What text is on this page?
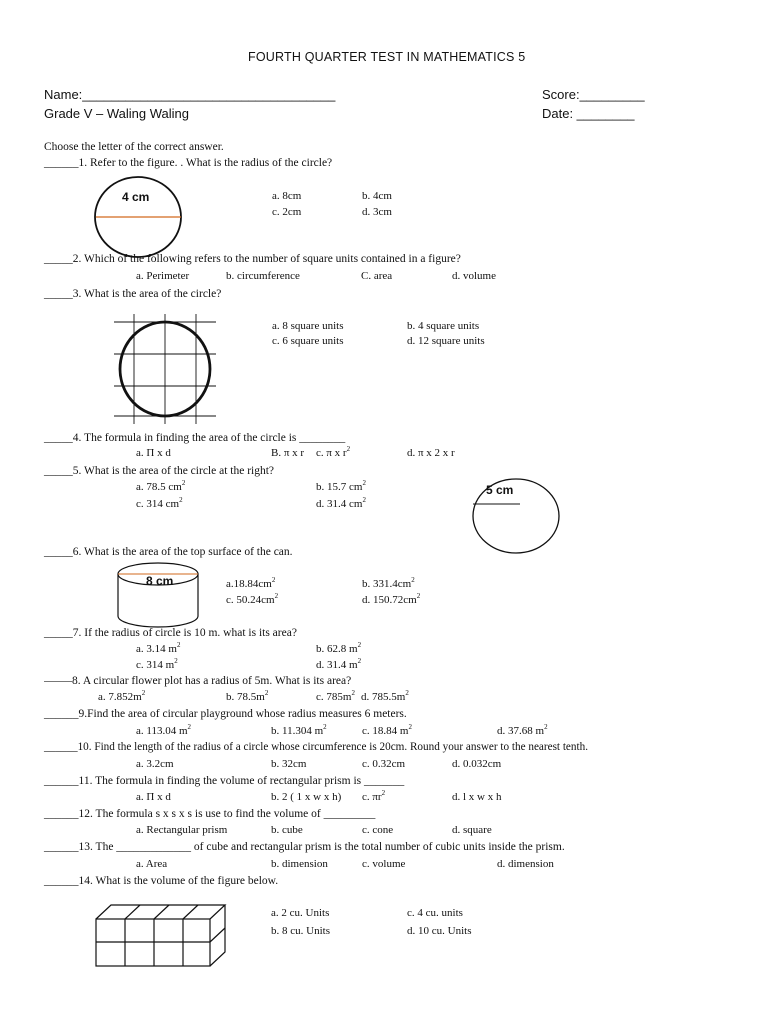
FOURTH QUARTER TEST IN MATHEMATICS 5
Name:___________________________________
Grade V – Waling Waling
Score:_________
Date: ________
Choose the letter of the correct answer.
______1. Refer to the figure. . What is the radius of the circle?
4 cm	a. 8cm	b. 4cm
c. 2cm	d. 3cm
_____2. Which of the following refers to the number of square units contained in a figure?
a. Perimeter	b. circumference	C. area	d. volume
_____3. What is the area of the circle?
a. 8 square units	b. 4 square units
c. 6 square units	d. 12 square units
_____4. The formula in finding the area of the circle is ________
a. Π x d	B. π x r c. π x $r^2$	d. π x 2 x r
_____5. What is the area of the circle at the right?
a. 78.5 $cm^2$	b. 15.7 $cm^2$
c. 314 $cm^2$	d. 31.4 $cm^2$
5 cm
_____6. What is the area of the top surface of the can.
8 cm	$a.18.84cm^2$	b. $331.4cm^2$
c. $50.24cm^2$	d. $150.72cm^2$
_____7. If the radius of circle is 10 m. what is its area?
a. 3.14 $m^2$	b. 62.8 $m^2$
c. 314 $m^2$	d. 31.4 $m^2$
8. A circular flower plot has a radius of 5m. What is its area?
a. $7.852m^2$	b. $78.5m^2$	c. $785m^2$ d. $785.5m^2$
______9.Find the area of circular playground whose radius measures 6 meters.
a. 113.04 $m^2$	b. 11.304 $m^2$	c. 18.84 $m^2$	d. 37.68 $m^2$
______10. Find the length of the radius of a circle whose circumference is 20cm. Round your answer to the nearest tenth.
a. 3.2cm	b. 32cm	c. 0.32cm	d. 0.032cm
______11. The formula in finding the volume of rectangular prism is _______
a. Π x d	b. 2 ( 1 x w x h) c. $\pi r^2$	d. l x w x h
______12. The formula s x s x s is use to find the volume of _________
a. Rectangular prism	b. cube	c. cone	d. square
______13. The _____________ of cube and rectangular prism is the total number of cubic units inside the prism.
a. Area	b. dimension	c. volume	d. dimension
______14. What is the volume of the figure below.
a. 2 cu. Units	c. 4 cu. units
b. 8 cu. Units	d. 10 cu. Units
